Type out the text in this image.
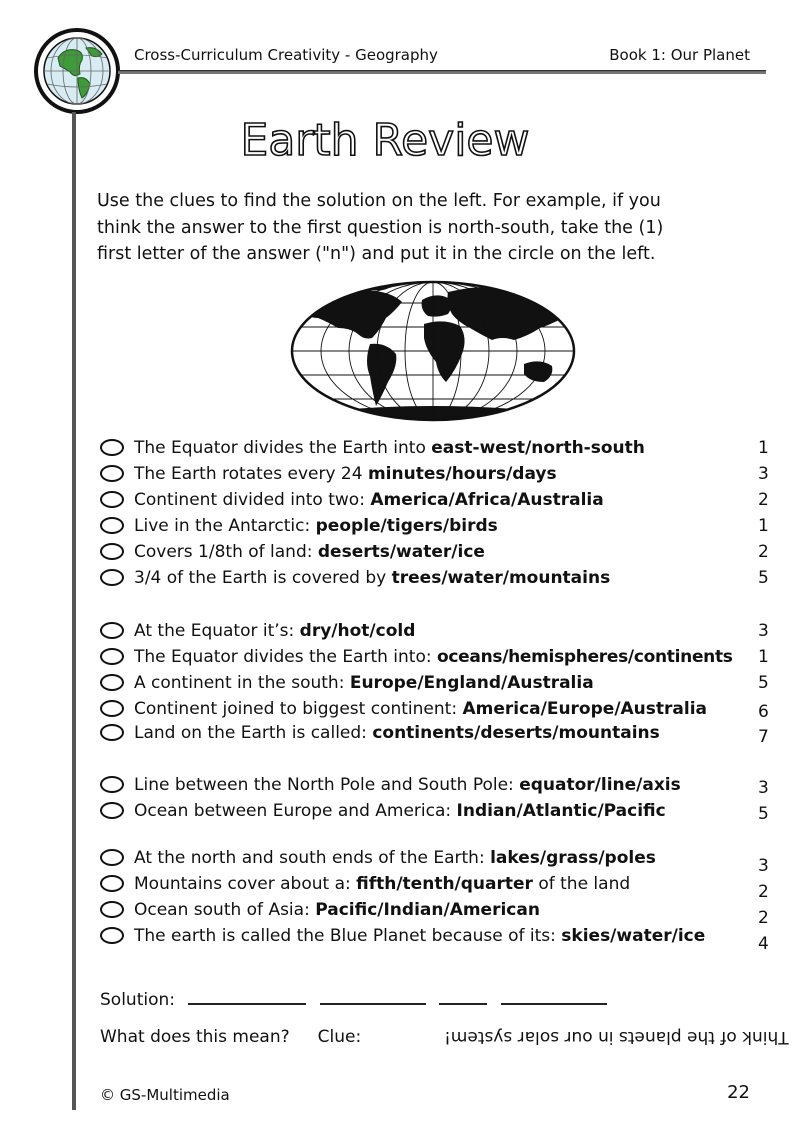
Cross-Curriculum Creativity - Geography	Book 1: Our Planet
Earth Review
Use the clues to find the solution on the left. For example, if you
think the answer to the first question is north-south, take the (1)
first letter of the answer ("n") and put it in the circle on the left.
The Equator divides the Earth into east-west/north-south	1
The Earth rotates every 24 minutes/hours/days	3
Continent divided into two: America/Africa/Australia	2
Live in the Antarctic: people/tigers/birds	1
Covers 1/8th of land: deserts/water/ice	2
3/4 of the Earth is covered by trees/water/mountains	5
At the Equator it’s: dry/hot/cold	3
The Equator divides the Earth into: oceans/hemispheres/continents 1
A continent in the south: Europe/England/Australia	5
Continent joined to biggest continent: America/Europe/Australia	6
Land on the Earth is called: continents/deserts/mountains	7
Line between the North Pole and South Pole: equator/line/axis	3
Ocean between Europe and America: Indian/Atlantic/Pacific	5
At the north and south ends of the Earth: lakes/grass/poles	3
Mountains cover about a: fifth/tenth/quarter of the land	2
Ocean south of Asia: Pacific/Indian/American	2
The earth is called the Blue Planet because of its: skies/water/ice	4
Solution:
What does this mean? Clue:	Think of the planets in our solar system!
© GS-Multimedia	22
